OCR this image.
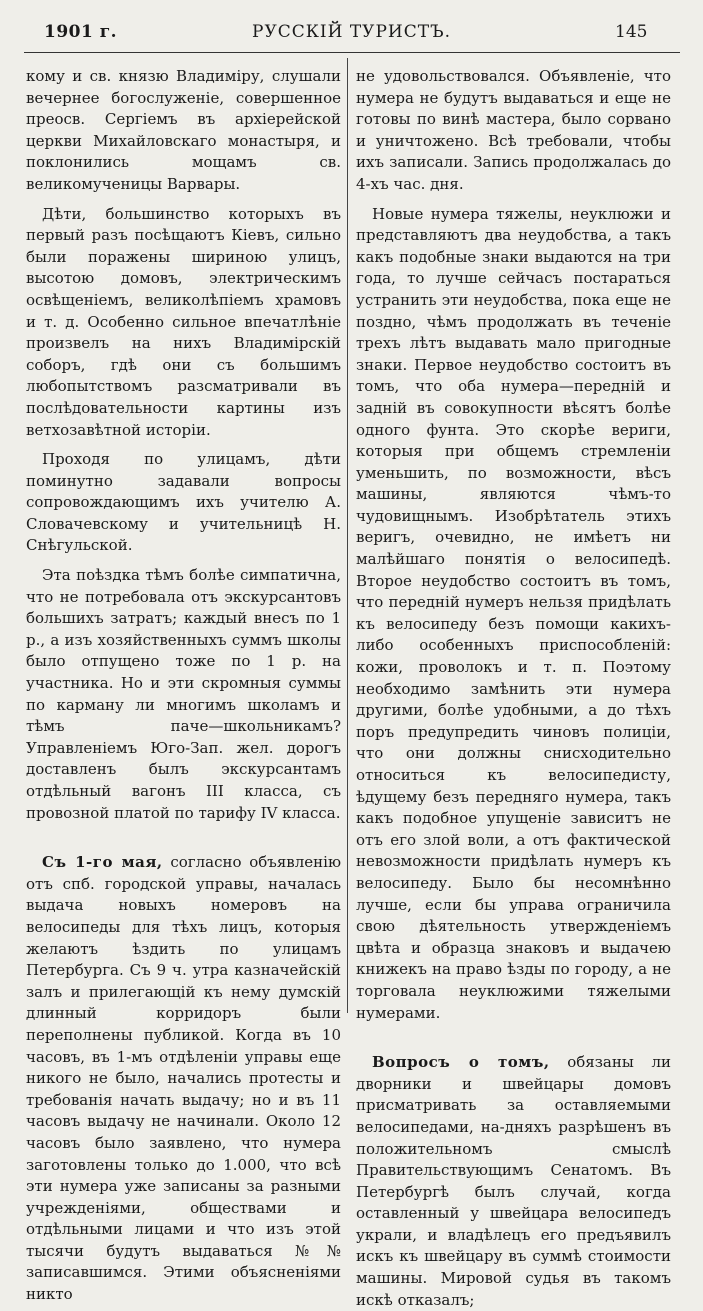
1901 г.	РУССКІЙ ТУРИСТЪ.	145

кому и св. князю Владиміру, слушали вечернее богослуженіе, совершенное преосв. Сергіемъ въ архіерейской церкви Михайловскаго монастыря, и поклонились мощамъ св. великомученицы Варвары.

Дѣти, большинство которыхъ въ первый разъ посѣщаютъ Кіевъ, сильно были поражены шириною улицъ, высотою домовъ, электрическимъ освѣщеніемъ, великолѣпіемъ храмовъ и т. д. Особенно сильное впечатлѣніе произвелъ на нихъ Владимірскій соборъ, гдѣ они съ большимъ любопытствомъ разсматривали въ послѣдовательности картины изъ ветхозавѣтной исторіи.

Проходя по улицамъ, дѣти поминутно задавали вопросы сопровождающимъ ихъ учителю А. Словачевскому и учительницѣ Н. Снѣгульской.

Эта поѣздка тѣмъ болѣе симпатична, что не потребовала отъ экскурсантовъ большихъ затратъ; каждый внесъ по 1 р., а изъ хозяйственныхъ суммъ школы было отпущено тоже по 1 р. на участника. Но и эти скромныя суммы по карману ли многимъ школамъ и тѣмъ паче—школьникамъ? Управленіемъ Юго-Зап. жел. дорогъ доставленъ былъ экскурсантамъ отдѣльный вагонъ III класса, съ провозной платой по тарифу IV класса.

Съ 1-го мая, согласно объявленію отъ спб. городской управы, началась выдача новыхъ номеровъ на велосипеды для тѣхъ лицъ, которыя желаютъ ѣздить по улицамъ Петербурга. Съ 9 ч. утра казначейскій залъ и прилегающій къ нему думскій длинный корридоръ были переполнены публикой. Когда въ 10 часовъ, въ 1-мъ отдѣленіи управы еще никого не было, начались протесты и требованія начать выдачу; но и въ 11 часовъ выдачу не начинали. Около 12 часовъ было заявлено, что нумера заготовлены только до 1.000, что всѣ эти нумера уже записаны за разными учрежденіями, обществами и отдѣльными лицами и что изъ этой тысячи будутъ выдаваться №№ записавшимся. Этими объясненіями никто

не удовольствовался. Объявленіе, что нумера не будутъ выдаваться и еще не готовы по винѣ мастера, было сорвано и уничтожено. Всѣ требовали, чтобы ихъ записали. Запись продолжалась до 4-хъ час. дня.

Новые нумера тяжелы, неуклюжи и представляютъ два неудобства, а такъ какъ подобные знаки выдаются на три года, то лучше сейчасъ постараться устранить эти неудобства, пока еще не поздно, чѣмъ продолжать въ теченіе трехъ лѣтъ выдавать мало пригодные знаки. Первое неудобство состоитъ въ томъ, что оба нумера—передній и задній въ совокупности вѣсятъ болѣе одного фунта. Это скорѣе вериги, которыя при общемъ стремленіи уменьшить, по возможности, вѣсъ машины, являются чѣмъ-то чудовищнымъ. Изобрѣтатель этихъ веригъ, очевидно, не имѣетъ ни малѣйшаго понятія о велосипедѣ. Второе неудобство состоитъ въ томъ, что передній нумеръ нельзя придѣлать къ велосипеду безъ помощи какихъ-либо особенныхъ приспособленій: кожи, проволокъ и т. п. Поэтому необходимо замѣнить эти нумера другими, болѣе удобными, а до тѣхъ поръ предупредить чиновъ полиціи, что они должны снисходительно относиться къ велосипедисту, ѣдущему безъ передняго нумера, такъ какъ подобное упущеніе зависитъ не отъ его злой воли, а отъ фактической невозможности придѣлать нумеръ къ велосипеду. Было бы несомнѣнно лучше, если бы управа ограничила свою дѣятельность утвержденіемъ цвѣта и образца знаковъ и выдачею книжекъ на право ѣзды по городу, а не торговала неуклюжими тяжелыми нумерами.

Вопросъ о томъ, обязаны ли дворники и швейцары домовъ присматривать за оставляемыми велосипедами, на-дняхъ разрѣшенъ въ положительномъ смыслѣ Правительствующимъ Сенатомъ. Въ Петербургѣ былъ случай, когда оставленный у швейцара велосипедъ украли, и владѣлецъ его предъявилъ искъ къ швейцару въ суммѣ стоимости машины. Мировой судья въ такомъ искѣ отказалъ;
